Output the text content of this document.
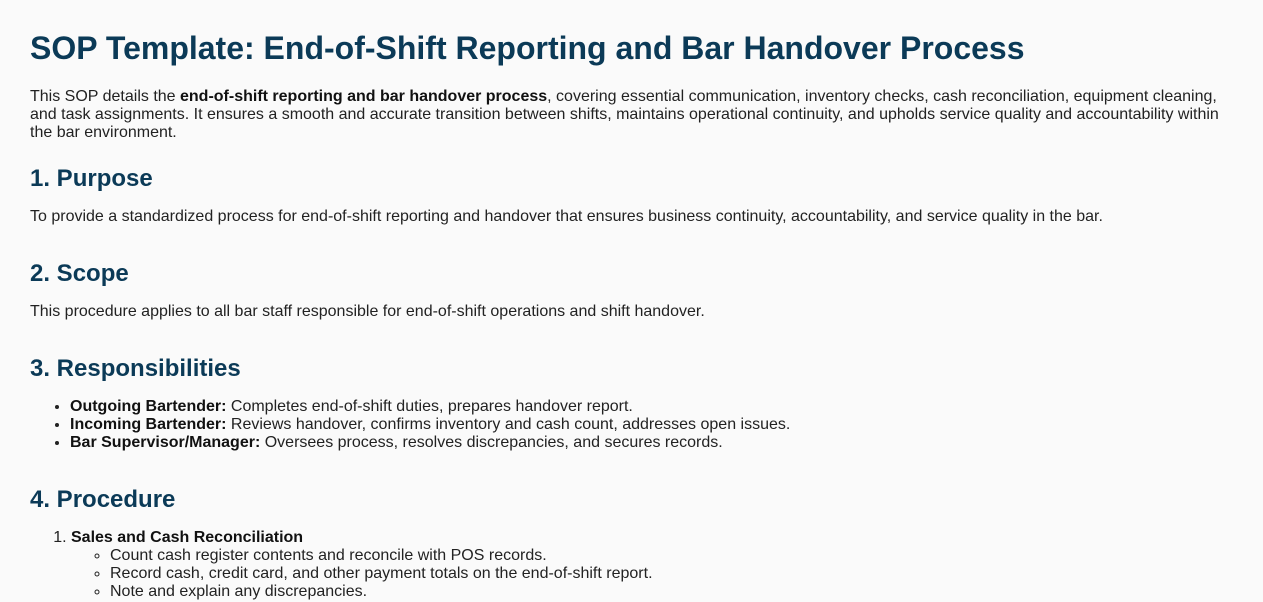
SOP Template: End-of-Shift Reporting and Bar Handover Process

This SOP details the end-of-shift reporting and bar handover process, covering essential communication, inventory checks, cash reconciliation, equipment cleaning, and task assignments. It ensures a smooth and accurate transition between shifts, maintains operational continuity, and upholds service quality and accountability within the bar environment.

1. Purpose

To provide a standardized process for end-of-shift reporting and handover that ensures business continuity, accountability, and service quality in the bar.

2. Scope

This procedure applies to all bar staff responsible for end-of-shift operations and shift handover.

3. Responsibilities
• Outgoing Bartender: Completes end-of-shift duties, prepares handover report.
• Incoming Bartender: Reviews handover, confirms inventory and cash count, addresses open issues.
• Bar Supervisor/Manager: Oversees process, resolves discrepancies, and secures records.
4. Procedure
1. Sales and Cash Reconciliation
◦ Count cash register contents and reconcile with POS records.
◦ Record cash, credit card, and other payment totals on the end-of-shift report.
◦ Note and explain any discrepancies.
